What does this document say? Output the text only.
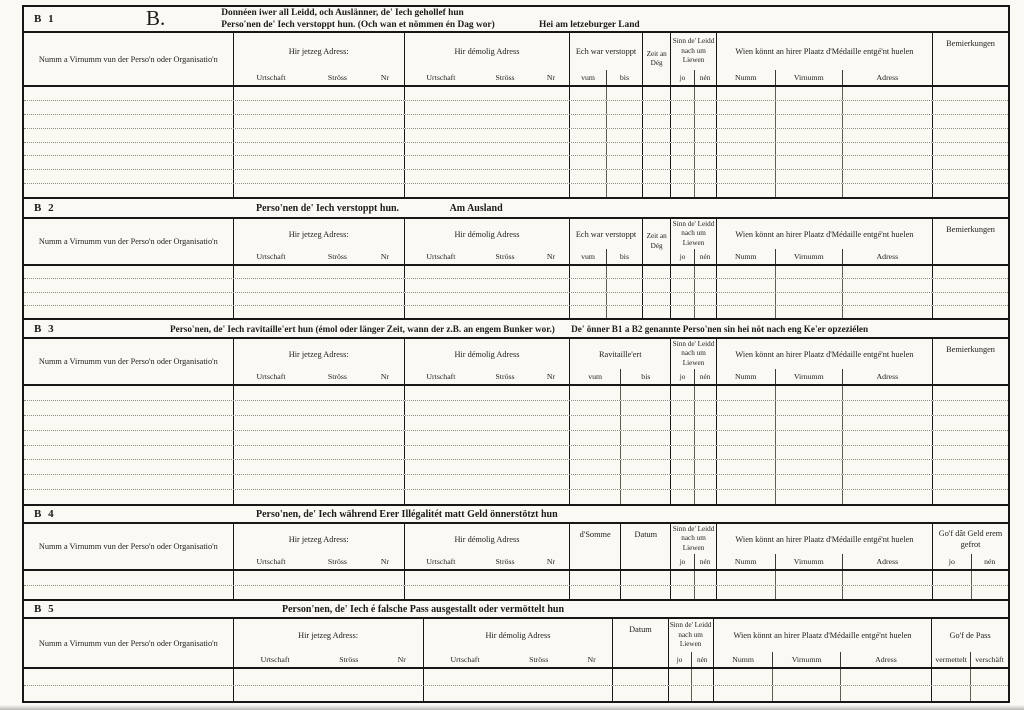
B 1	B.	Donnéen iwer all Leidd, och Auslänner, de' Iech gehollef hun
Perso'nen de' Iech verstoppt hun. (Och wan et nömmen én Dag wor)	Hei am letzeburger Land
Numm a Virnumm vun der Perso'n oder Organisatio'n
Hir jetzeg Adress:
Urtschaft	Ströss	Nr
Hir démolig Adress
Urtschaft	Ströss	Nr
Ech war verstoppt
vum	bis
Zeit an Dég
Sinn de' Leidd nach um Liewen
jo	nén
Wien könnt an hirer Plaatz d'Médaille entgé'nt huelen
Numm	Virnumm	Adress
Bemierkungen
B 2	Perso'nen de' Iech verstoppt hun.	Am Ausland
Numm a Virnumm vun der Perso'n oder Organisatio'n
Hir jetzeg Adress:
Urtschaft	Ströss	Nr
Hir démolig Adress
Urtschaft	Ströss	Nr
Ech war verstoppt
vum	bis
Zeit an Dég
Sinn de' Leidd nach um Liewen
jo	nén
Wien könnt an hirer Plaatz d'Médaille entgé'nt huelen
Numm	Virnumm	Adress
Bemierkungen
B 3	Perso'nen, de' Iech ravitaille'ert hun (émol oder länger Zeit, wann der z.B. an engem Bunker wor.) De' önner B1 a B2 genannte Perso'nen sin hei nöt nach eng Ke'er opzeziélen
Numm a Virnumm vun der Perso'n oder Organisatio'n
Hir jetzeg Adress:
Urtschaft	Ströss	Nr
Hir démolig Adress
Urtschaft	Ströss	Nr
Ravitaille'ert
vum	bis
Sinn de' Leidd nach um Liewen
jo	nén
Wien könnt an hirer Plaatz d'Médaille entgé'nt huelen
Numm	Virnumm	Adress
Bemierkungen
B 4	Perso'nen, de' Iech während Erer Illégalitét matt Geld önnerstötzt hun
Numm a Virnumm vun der Perso'n oder Organisatio'n
Hir jetzeg Adress:
Urtschaft	Ströss	Nr
Hir démolig Adress
Urtschaft	Ströss	Nr
d'Somme	Datum
Sinn de' Leidd nach um Liewen
jo	nén
Wien könnt an hirer Plaatz d'Médaille entgé'nt huelen
Numm	Virnumm	Adress
Go'f dât Geld erem gefrot
jo	nén
B 5	Person'nen, de' Iech é falsche Pass ausgestallt oder vermöttelt hun
Numm a Virnumm vun der Perso'n oder Organisatio'n
Hir jetzeg Adress:
Urtschaft	Ströss	Nr
Hir démolig Adress
Urtschaft	Ströss	Nr
Datum	Sinn de' Leidd nach um Liewen
jo	nén
Wien könnt an hirer Plaatz d'Médaille entgé'nt huelen
Numm	Virnumm	Adress
Go'f de Pass
vermettelt	verschäft
